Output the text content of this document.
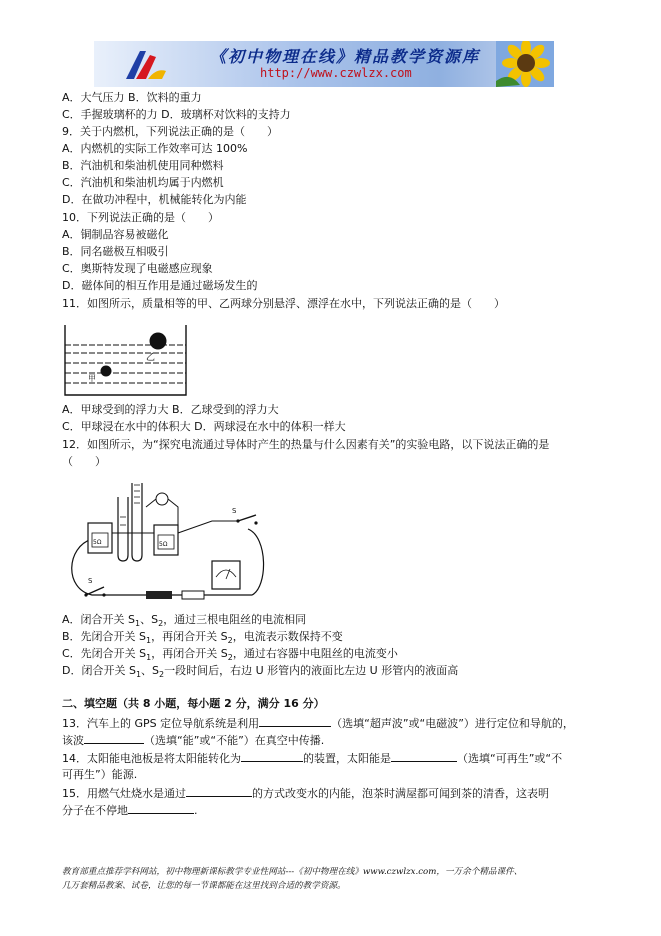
《初中物理在线》精品教学资源库
http://www.czwlzx.com
A．大气压力 B．饮料的重力
C．手握玻璃杯的力 D．玻璃杯对饮料的支持力
9．关于内燃机，下列说法正确的是（　　）
A．内燃机的实际工作效率可达 100%
B．汽油机和柴油机使用同种燃料
C．汽油机和柴油机均属于内燃机
D．在做功冲程中，机械能转化为内能
10．下列说法正确的是（　　）
A．铜制品容易被磁化
B．同名磁极互相吸引
C．奥斯特发现了电磁感应现象
D．磁体间的相互作用是通过磁场发生的
11．如图所示，质量相等的甲、乙两球分别悬浮、漂浮在水中，下列说法正确的是（　　）
乙
甲
A．甲球受到的浮力大 B．乙球受到的浮力大
C．甲球浸在水中的体积大 D．两球浸在水中的体积一样大
12．如图所示，为“探究电流通过导体时产生的热量与什么因素有关”的实验电路，以下说法正确的是
（　　）
5Ω	5Ω
S
S
A．闭合开关 $S_1$、$S_2$，通过三根电阻丝的电流相同
B．先闭合开关 $S_1$，再闭合开关 $S_2$，电流表示数保持不变
C．先闭合开关 $S_1$，再闭合开关 $S_2$，通过右容器中电阻丝的电流变小
D．闭合开关 $S_1$、$S_2$一段时间后，右边 U 形管内的液面比左边 U 形管内的液面高
二、填空题（共 8 小题，每小题 2 分，满分 16 分）
13．汽车上的 GPS 定位导航系统是利用	（选填“超声波”或“电磁波”）进行定位和导航的，
该波	（选填“能”或“不能”）在真空中传播.
14．太阳能电池板是将太阳能转化为	的装置，太阳能是	（选填“可再生”或“不
可再生”）能源.
15．用燃气灶烧水是通过	的方式改变水的内能，泡茶时满屋都可闻到茶的清香，这表明
分子在不停地	.
教育部重点推荐学科网站，初中物理新课标教学专业性网站---《初中物理在线》www.czwlzx.com，一万余个精品课件、
几万套精品教案、试卷，让您的每一节课都能在这里找到合适的教学资源。
